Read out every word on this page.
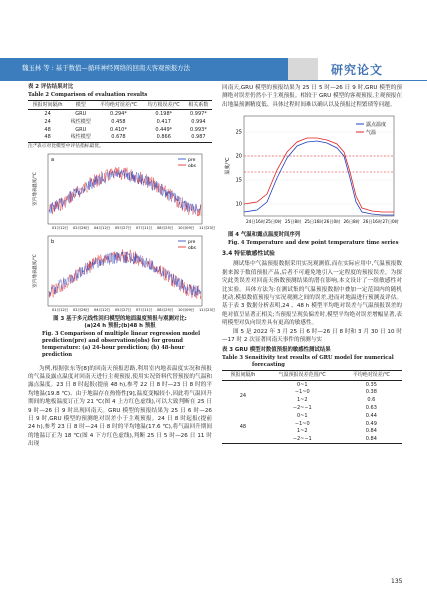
魏玉林 等 : 基于数值—循环神经网络的回南天客观预报方法	研究论文
表 2 评估结果对比
Table 2 Comparison of evaluation results
预报时间隔/h	模型	平均绝对误差/℃	均方根误差/℃	相关系数
24	GRU	0.294*	0.198*	0.997*
24	线性模型	0.458	0.417	0.994
48	GRU	0.410*	0.449*	0.993*
48	线性模型	0.678	0.866	0.987
注:*表示对比模型中评估指标最优。
a	pre
obs
室内地表温度/℃
01月12日 02月26日 04月12日 05月27日 07月11日 08月25日 10月09日 11月23日
b	pre
obs
室内地表温度/℃
01月12日 02月26日 04月12日 05月27日 07月11日 08月25日 10月09日 11月23日
图 3 基于多元线性回归模型的地面温度预报与观测对比:
(a)24 h 预报;(b)48 h 预报
Fig. 3 Comparison of multiple linear regression model prediction(pre) and observation(obs) for ground temperature: (a) 24-hour prediction; (b) 48-hour prediction

为例,根据张东等[8]的回南天预报思路,利用室内地表温度实况和预报的气温及露点温度对回南天进行主观预报,使用实况资料代替预报的气温和露点温度。23 日 8 时起报(提前 48 h),参考 22 日 8 时—23 日 8 时的平均地温(19.8 ℃)、由于地温存在热惰性[9],温度变幅较小,因此将气温回升期间的地板温度订正为 21 ℃(图 4 上方红色虚线),可以大致判断在 25 日 9 时—26 日 9 时出现回南天。GRU 模型的预报结果为 25 日 6 时—26 日 9 时,GRU 模型的预测绝对误差小于主观预报。24 日 8 时起报(提前 24 h),参考 23 日 8 时—24 日 8 时的平均地温(17.6 ℃),将气温回升期间的地温订正为 18 ℃(图 4 下方红色虚线),判断 25 日 5 时—26 日 11 时出现

回南天,GRU 模型的预报结果为 25 日 5 时—26 日 9 时,GRU 模型的预测绝对误差仍然小于主观预报。相较于 GRU 模型的客观预报,主观预报在出地温预测精度低、具体过程时间难以确认以及预报过程繁琐等问题。

露点温度
气温
温度/℃
25
20
15
10
24日16时 25日0时 25日8时 25日16时 26日0时 26日8时 26日16时 27日0时
图 4 气温和露点温度时间序列
Fig. 4 Temperature and dew point temperature time series
3.4 特征敏感性试验

测试集中气温预报数据采用实况观测值,而在实际应用中,气温预报数据来源于数值预报产品,后者不可避免地引入一定程度的预报误差。为探究此类误差对回南天指数预测结果的潜在影响,本文设计了一组敏感性对比实验。具体方法为:在测试集的气温预报数据中叠加一定范围内的随机扰动,模拟数值预报与实况观测之间的误差,进而对地温进行预测及评估。基于表 3 数据分析表明,24 、48 h 模型平均绝对误差与气温预报误差的绝对值呈显著正相关;当预报呈现负偏差时,模型平均绝对误差增幅显著,表明模型对负向误差具有更高的敏感性。

图 5 是 2022 年 3 月 25 日 6 时—26 日 8 时和 3 月 30 日 10 时—17 时 2 次显著回南天事件的预测与实

表 3 GRU 模型对数值预报的敏感性测试结果
Table 3 Sensitivity test results of GRU model for numerical
forecasting
预报间隔/h	气温预报误差范围/℃	平均绝对误差/℃
24	0~1	0.35
	−1~0	0.38
	1~2	0.6
	−2~−1	0.63
48	0~1	0.44
	−1~0	0.49
	1~2	0.84
	−2~−1	0.84
135
